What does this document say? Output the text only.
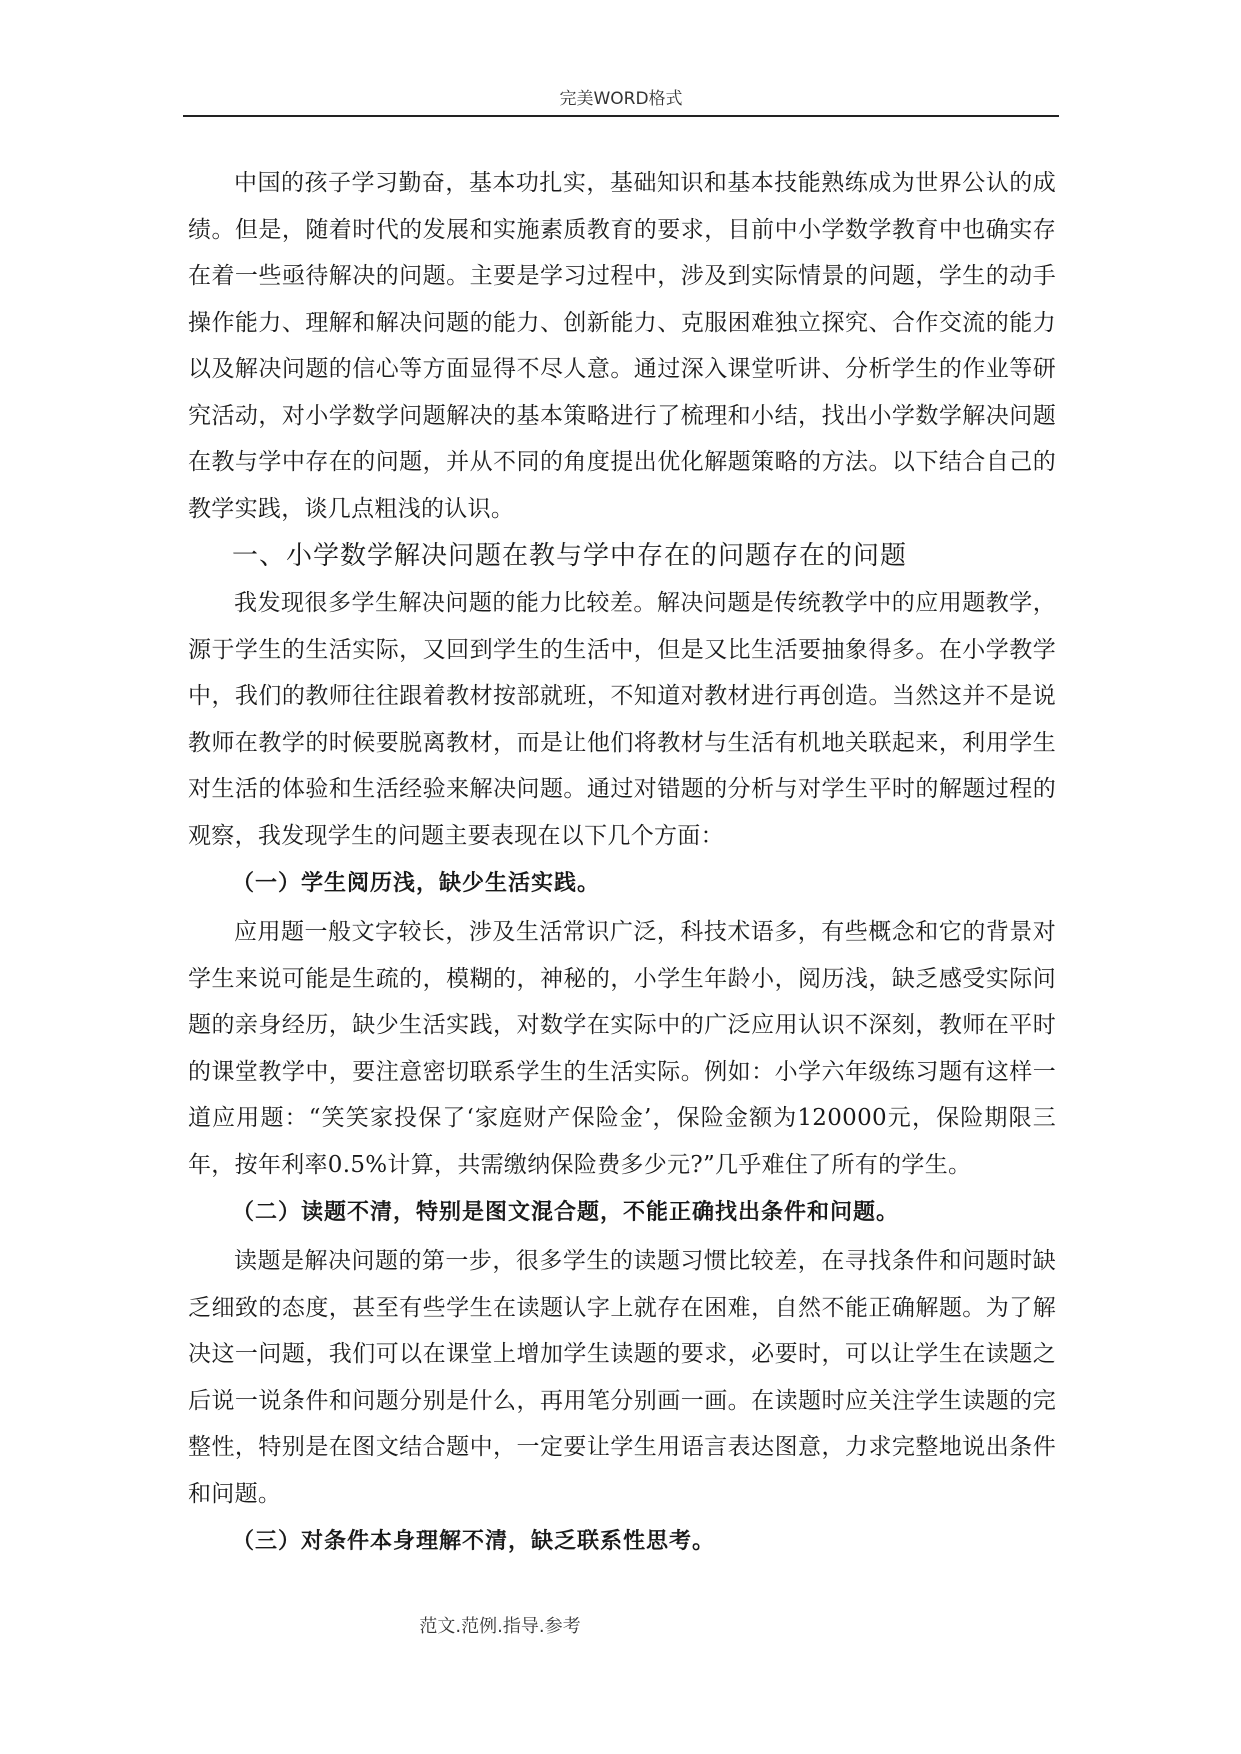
完美WORD格式

中国的孩子学习勤奋，基本功扎实，基础知识和基本技能熟练成为世界公认的成绩。但是，随着时代的发展和实施素质教育的要求，目前中小学数学教育中也确实存在着一些亟待解决的问题。主要是学习过程中，涉及到实际情景的问题，学生的动手操作能力、理解和解决问题的能力、创新能力、克服困难独立探究、合作交流的能力以及解决问题的信心等方面显得不尽人意。通过深入课堂听讲、分析学生的作业等研究活动，对小学数学问题解决的基本策略进行了梳理和小结，找出小学数学解决问题在教与学中存在的问题，并从不同的角度提出优化解题策略的方法。以下结合自己的教学实践，谈几点粗浅的认识。

一、小学数学解决问题在教与学中存在的问题存在的问题

我发现很多学生解决问题的能力比较差。解决问题是传统教学中的应用题教学，源于学生的生活实际，又回到学生的生活中，但是又比生活要抽象得多。在小学教学中，我们的教师往往跟着教材按部就班，不知道对教材进行再创造。当然这并不是说教师在教学的时候要脱离教材，而是让他们将教材与生活有机地关联起来，利用学生对生活的体验和生活经验来解决问题。通过对错题的分析与对学生平时的解题过程的观察，我发现学生的问题主要表现在以下几个方面：

（一）学生阅历浅，缺少生活实践。

应用题一般文字较长，涉及生活常识广泛，科技术语多，有些概念和它的背景对学生来说可能是生疏的，模糊的，神秘的，小学生年龄小，阅历浅，缺乏感受实际问题的亲身经历，缺少生活实践，对数学在实际中的广泛应用认识不深刻，教师在平时的课堂教学中，要注意密切联系学生的生活实际。例如：小学六年级练习题有这样一道应用题：“笑笑家投保了‘家庭财产保险金’，保险金额为120000元，保险期限三年，按年利率0.5%计算，共需缴纳保险费多少元?”几乎难住了所有的学生。

（二）读题不清，特别是图文混合题，不能正确找出条件和问题。

读题是解决问题的第一步，很多学生的读题习惯比较差，在寻找条件和问题时缺乏细致的态度，甚至有些学生在读题认字上就存在困难，自然不能正确解题。为了解决这一问题，我们可以在课堂上增加学生读题的要求，必要时，可以让学生在读题之后说一说条件和问题分别是什么，再用笔分别画一画。在读题时应关注学生读题的完整性，特别是在图文结合题中，一定要让学生用语言表达图意，力求完整地说出条件和问题。

（三）对条件本身理解不清，缺乏联系性思考。
范文.范例.指导.参考
